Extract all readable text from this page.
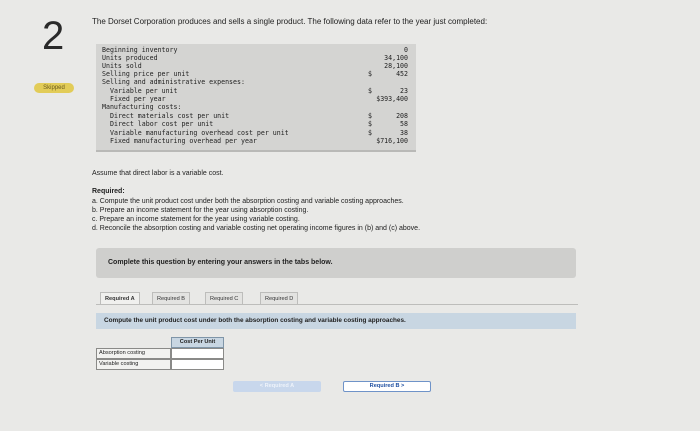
2
Skipped
The Dorset Corporation produces and sells a single product. The following data refer to the year just completed:
Beginning inventory	0
Units produced	34,100
Units sold	28,100
Selling price per unit	$	452
Selling and administrative expenses:
Variable per unit	$	23
Fixed per year	$393,400
Manufacturing costs:
Direct materials cost per unit	$	208
Direct labor cost per unit	$	58
Variable manufacturing overhead cost per unit	$	38
Fixed manufacturing overhead per year	$716,100
Assume that direct labor is a variable cost.
Required:
a. Compute the unit product cost under both the absorption costing and variable costing approaches.
b. Prepare an income statement for the year using absorption costing.
c. Prepare an income statement for the year using variable costing.
d. Reconcile the absorption costing and variable costing net operating income figures in (b) and (c) above.
Complete this question by entering your answers in the tabs below.
Required A	Required B	Required C	Required D
Compute the unit product cost under both the absorption costing and variable costing approaches.
Cost Per Unit
Absorption costing
Variable costing
< Required A	Required B >
